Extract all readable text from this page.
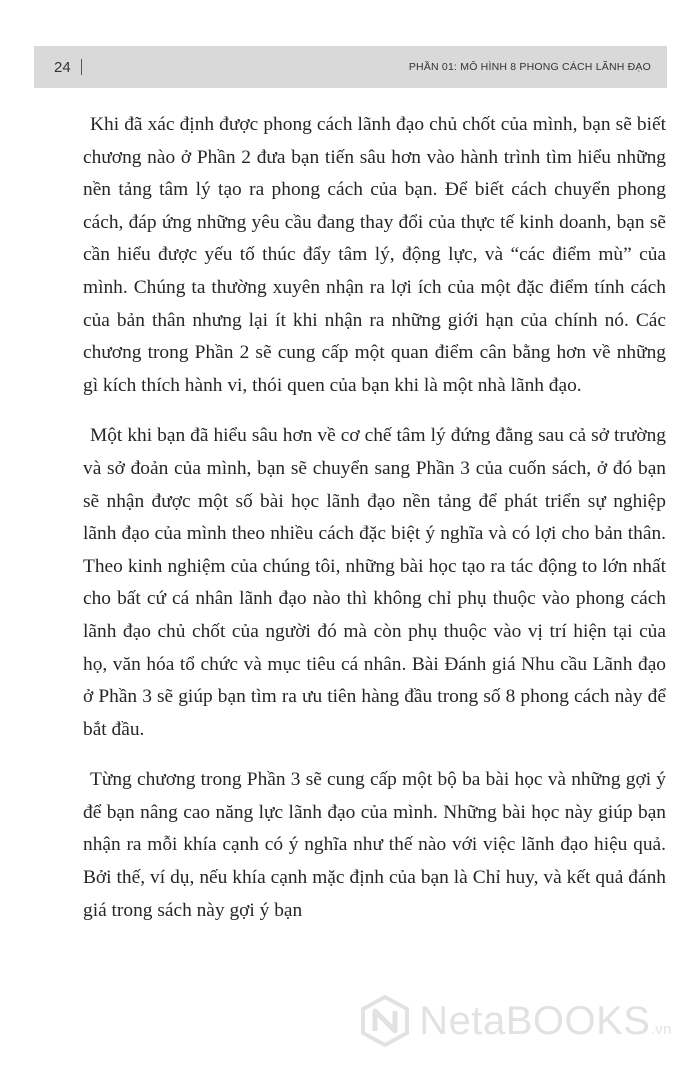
24	PHẦN 01: MÔ HÌNH 8 PHONG CÁCH LÃNH ĐẠO

Khi đã xác định được phong cách lãnh đạo chủ chốt của mình, bạn sẽ biết chương nào ở Phần 2 đưa bạn tiến sâu hơn vào hành trình tìm hiểu những nền tảng tâm lý tạo ra phong cách của bạn. Để biết cách chuyển phong cách, đáp ứng những yêu cầu đang thay đổi của thực tế kinh doanh, bạn sẽ cần hiểu được yếu tố thúc đẩy tâm lý, động lực, và “các điểm mù” của mình. Chúng ta thường xuyên nhận ra lợi ích của một đặc điểm tính cách của bản thân nhưng lại ít khi nhận ra những giới hạn của chính nó. Các chương trong Phần 2 sẽ cung cấp một quan điểm cân bằng hơn về những gì kích thích hành vi, thói quen của bạn khi là một nhà lãnh đạo.

Một khi bạn đã hiểu sâu hơn về cơ chế tâm lý đứng đằng sau cả sở trường và sở đoản của mình, bạn sẽ chuyển sang Phần 3 của cuốn sách, ở đó bạn sẽ nhận được một số bài học lãnh đạo nền tảng để phát triển sự nghiệp lãnh đạo của mình theo nhiều cách đặc biệt ý nghĩa và có lợi cho bản thân. Theo kinh nghiệm của chúng tôi, những bài học tạo ra tác động to lớn nhất cho bất cứ cá nhân lãnh đạo nào thì không chỉ phụ thuộc vào phong cách lãnh đạo chủ chốt của người đó mà còn phụ thuộc vào vị trí hiện tại của họ, văn hóa tổ chức và mục tiêu cá nhân. Bài Đánh giá Nhu cầu Lãnh đạo ở Phần 3 sẽ giúp bạn tìm ra ưu tiên hàng đầu trong số 8 phong cách này để bắt đầu.

Từng chương trong Phần 3 sẽ cung cấp một bộ ba bài học và những gợi ý để bạn nâng cao năng lực lãnh đạo của mình. Những bài học này giúp bạn nhận ra mỗi khía cạnh có ý nghĩa như thế nào với việc lãnh đạo hiệu quả. Bởi thế, ví dụ, nếu khía cạnh mặc định của bạn là Chỉ huy, và kết quả đánh giá trong sách này gợi ý bạn

NetaBOOKS.vn
